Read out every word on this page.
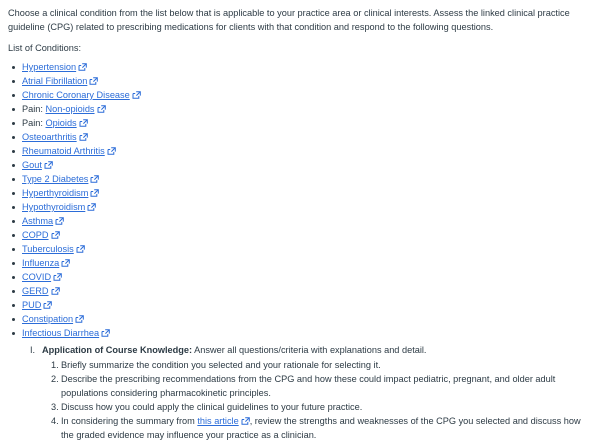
Choose a clinical condition from the list below that is applicable to your practice area or clinical interests. Assess the linked clinical practice guideline (CPG) related to prescribing medications for clients with that condition and respond to the following questions.

List of Conditions:

Hypertension
Atrial Fibrillation
Chronic Coronary Disease
Pain: Non-opioids
Pain: Opioids
Osteoarthritis
Rheumatoid Arthritis
Gout
Type 2 Diabetes
Hyperthyroidism
Hypothyroidism
Asthma
COPD
Tuberculosis
Influenza
COVID
GERD
PUD
Constipation
Infectious Diarrhea
I. Application of Course Knowledge: Answer all questions/criteria with explanations and detail.
1. Briefly summarize the condition you selected and your rationale for selecting it.
2. Describe the prescribing recommendations from the CPG and how these could impact pediatric, pregnant, and older adult populations considering pharmacokinetic principles.
3. Discuss how you could apply the clinical guidelines to your future practice.
4. In considering the summary from this article , review the strengths and weaknesses of the CPG you selected and discuss how the graded evidence may influence your practice as a clinician.
